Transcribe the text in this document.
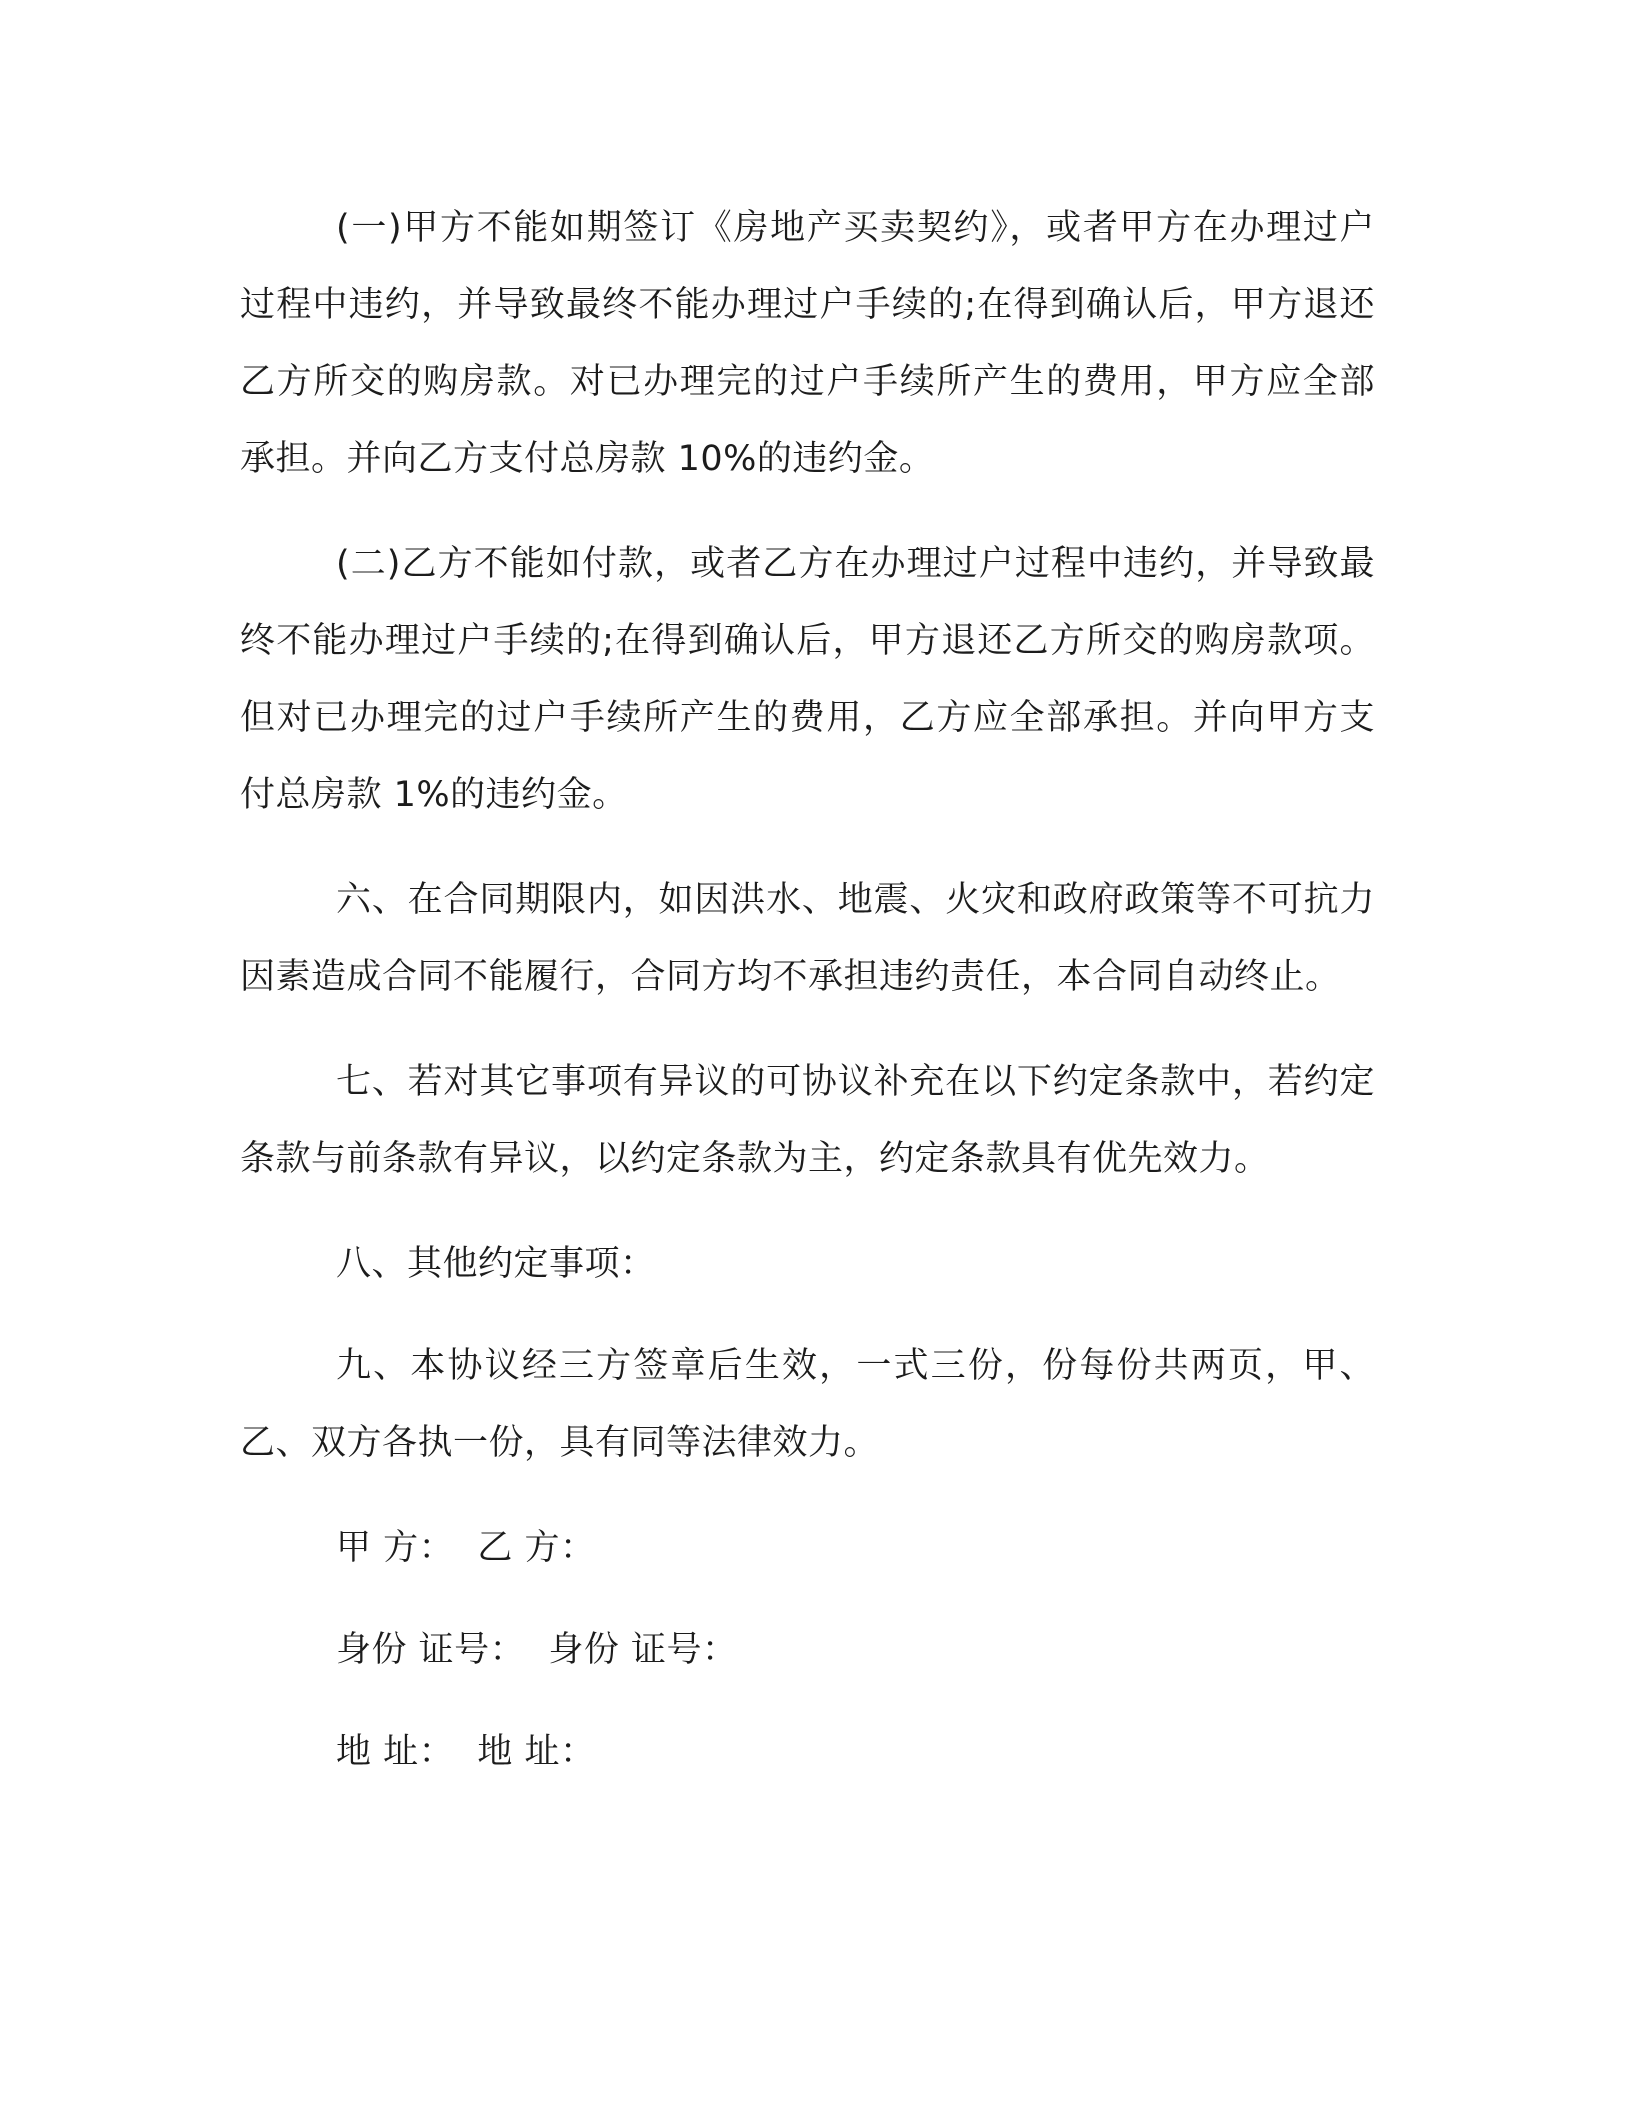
(一)甲方不能如期签订《房地产买卖契约》，或者甲方在办理过户过程中违约，并导致最终不能办理过户手续的;在得到确认后，甲方退还乙方所交的购房款。对已办理完的过户手续所产生的费用，甲方应全部承担。并向乙方支付总房款 10%的违约金。

(二)乙方不能如付款，或者乙方在办理过户过程中违约，并导致最终不能办理过户手续的;在得到确认后，甲方退还乙方所交的购房款项。但对已办理完的过户手续所产生的费用，乙方应全部承担。并向甲方支付总房款 1%的违约金。

六、在合同期限内，如因洪水、地震、火灾和政府政策等不可抗力因素造成合同不能履行，合同方均不承担违约责任，本合同自动终止。

七、若对其它事项有异议的可协议补充在以下约定条款中，若约定条款与前条款有异议，以约定条款为主，约定条款具有优先效力。

八、其他约定事项：

九、本协议经三方签章后生效，一式三份，份每份共两页，甲、乙、双方各执一份，具有同等法律效力。

甲 方：  乙 方：

身份 证号：  身份 证号：

地 址：  地 址：
